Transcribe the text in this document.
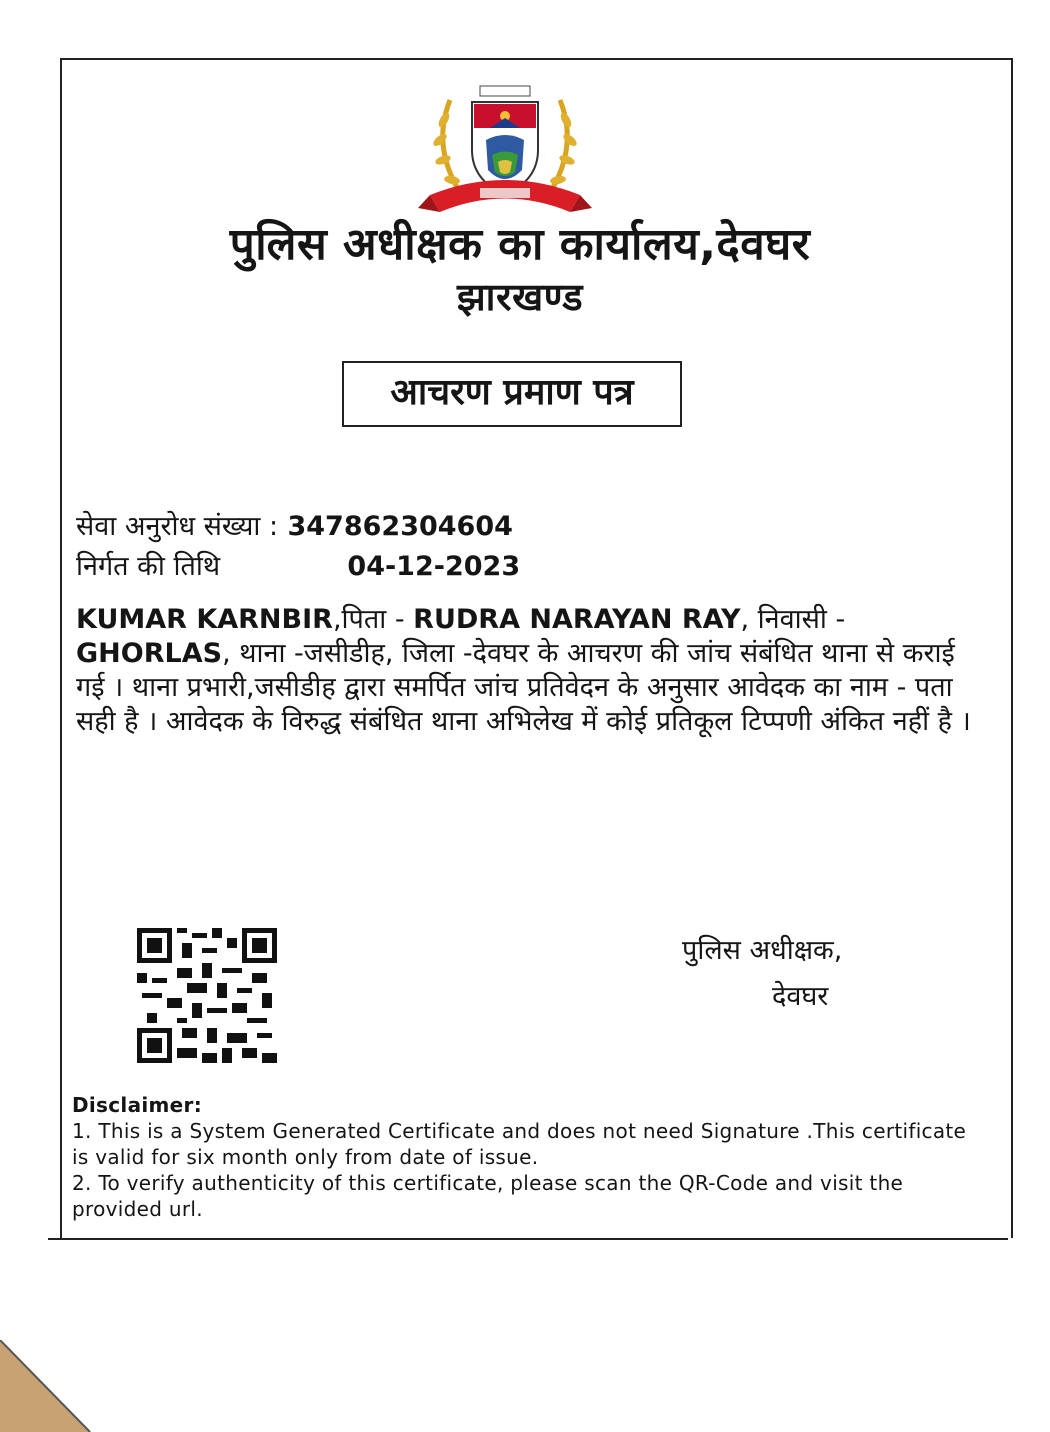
पुलिस अधीक्षक का कार्यालय,देवघर
झारखण्ड
आचरण प्रमाण पत्र
सेवा अनुरोध संख्या : 347862304604
निर्गत की तिथि	04-12-2023
KUMAR KARNBIR,पिता - RUDRA NARAYAN RAY, निवासी - GHORLAS, थाना -जसीडीह, जिला -देवघर के आचरण की जांच संबंधित थाना से कराई गई । थाना प्रभारी,जसीडीह द्वारा समर्पित जांच प्रतिवेदन के अनुसार आवेदक का नाम - पता सही है । आवेदक के विरुद्ध संबंधित थाना अभिलेख में कोई प्रतिकूल टिप्पणी अंकित नहीं है ।
पुलिस अधीक्षक,
देवघर
Disclaimer:
1. This is a System Generated Certificate and does not need Signature .This certificate is valid for six month only from date of issue.
2. To verify authenticity of this certificate, please scan the QR-Code and visit the provided url.
